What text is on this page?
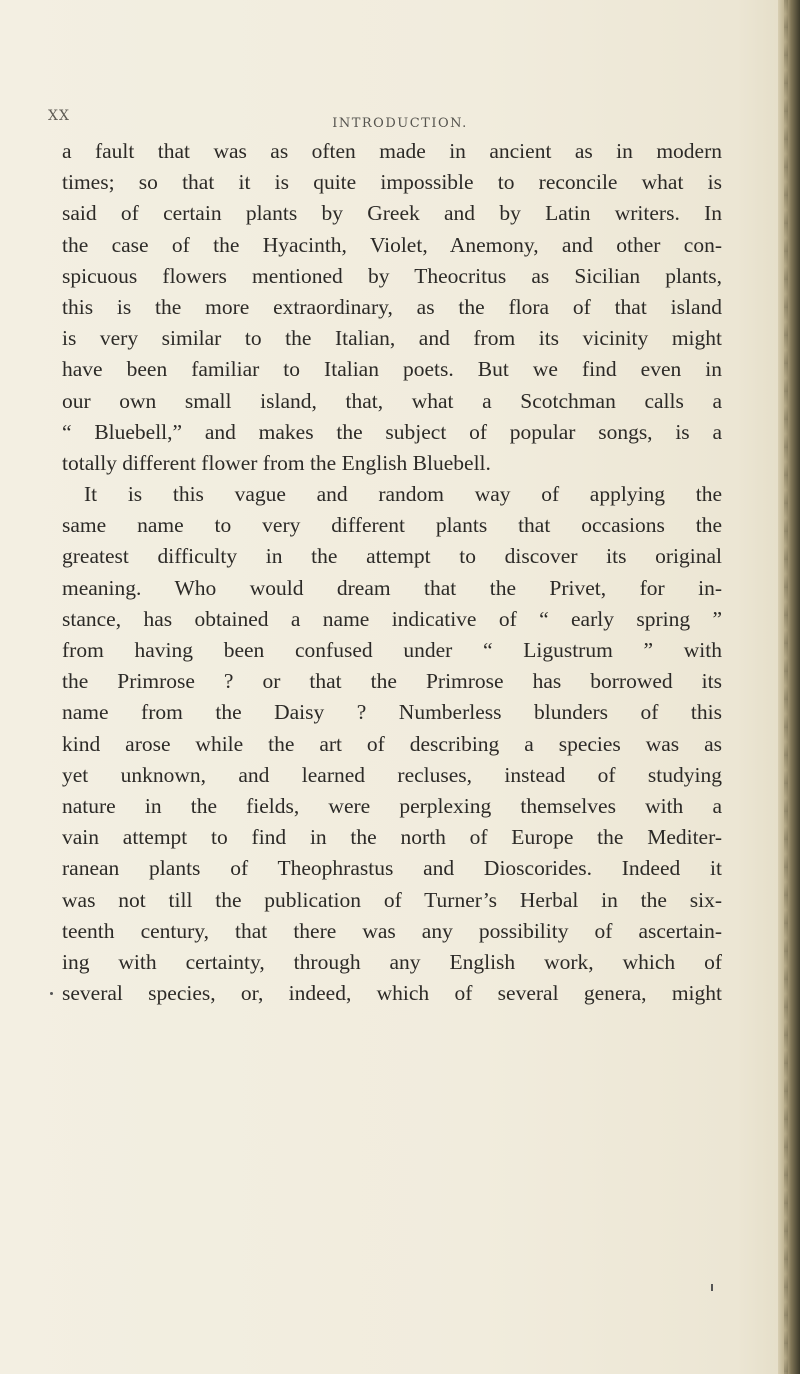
XX	INTRODUCTION.
a fault that was as often made in ancient as in modern
times; so that it is quite impossible to reconcile what is
said of certain plants by Greek and by Latin writers. In
the case of the Hyacinth, Violet, Anemony, and other con-
spicuous flowers mentioned by Theocritus as Sicilian plants,
this is the more extraordinary, as the flora of that island
is very similar to the Italian, and from its vicinity might
have been familiar to Italian poets. But we find even in
our own small island, that, what a Scotchman calls a
“ Bluebell,” and makes the subject of popular songs, is a
totally different flower from the English Bluebell.
It is this vague and random way of applying the
same name to very different plants that occasions the
greatest difficulty in the attempt to discover its original
meaning. Who would dream that the Privet, for in-
stance, has obtained a name indicative of “ early spring ”
from having been confused under “ Ligustrum ” with
the Primrose ? or that the Primrose has borrowed its
name from the Daisy ? Numberless blunders of this
kind arose while the art of describing a species was as
yet unknown, and learned recluses, instead of studying
nature in the fields, were perplexing themselves with a
vain attempt to find in the north of Europe the Mediter-
ranean plants of Theophrastus and Dioscorides. Indeed it
was not till the publication of Turner’s Herbal in the six-
teenth century, that there was any possibility of ascertain-
ing with certainty, through any English work, which of
several species, or, indeed, which of several genera, might
